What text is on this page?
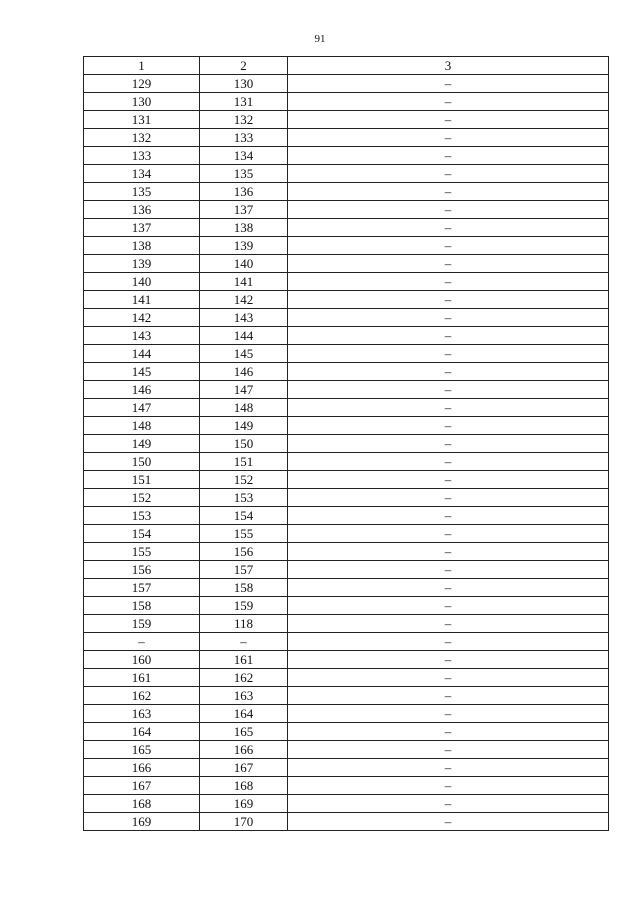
91
1	2	3
129	130	–
130	131	–
131	132	–
132	133	–
133	134	–
134	135	–
135	136	–
136	137	–
137	138	–
138	139	–
139	140	–
140	141	–
141	142	–
142	143	–
143	144	–
144	145	–
145	146	–
146	147	–
147	148	–
148	149	–
149	150	–
150	151	–
151	152	–
152	153	–
153	154	–
154	155	–
155	156	–
156	157	–
157	158	–
158	159	–
159	118	–
–	–	–
160	161	–
161	162	–
162	163	–
163	164	–
164	165	–
165	166	–
166	167	–
167	168	–
168	169	–
169	170	–
